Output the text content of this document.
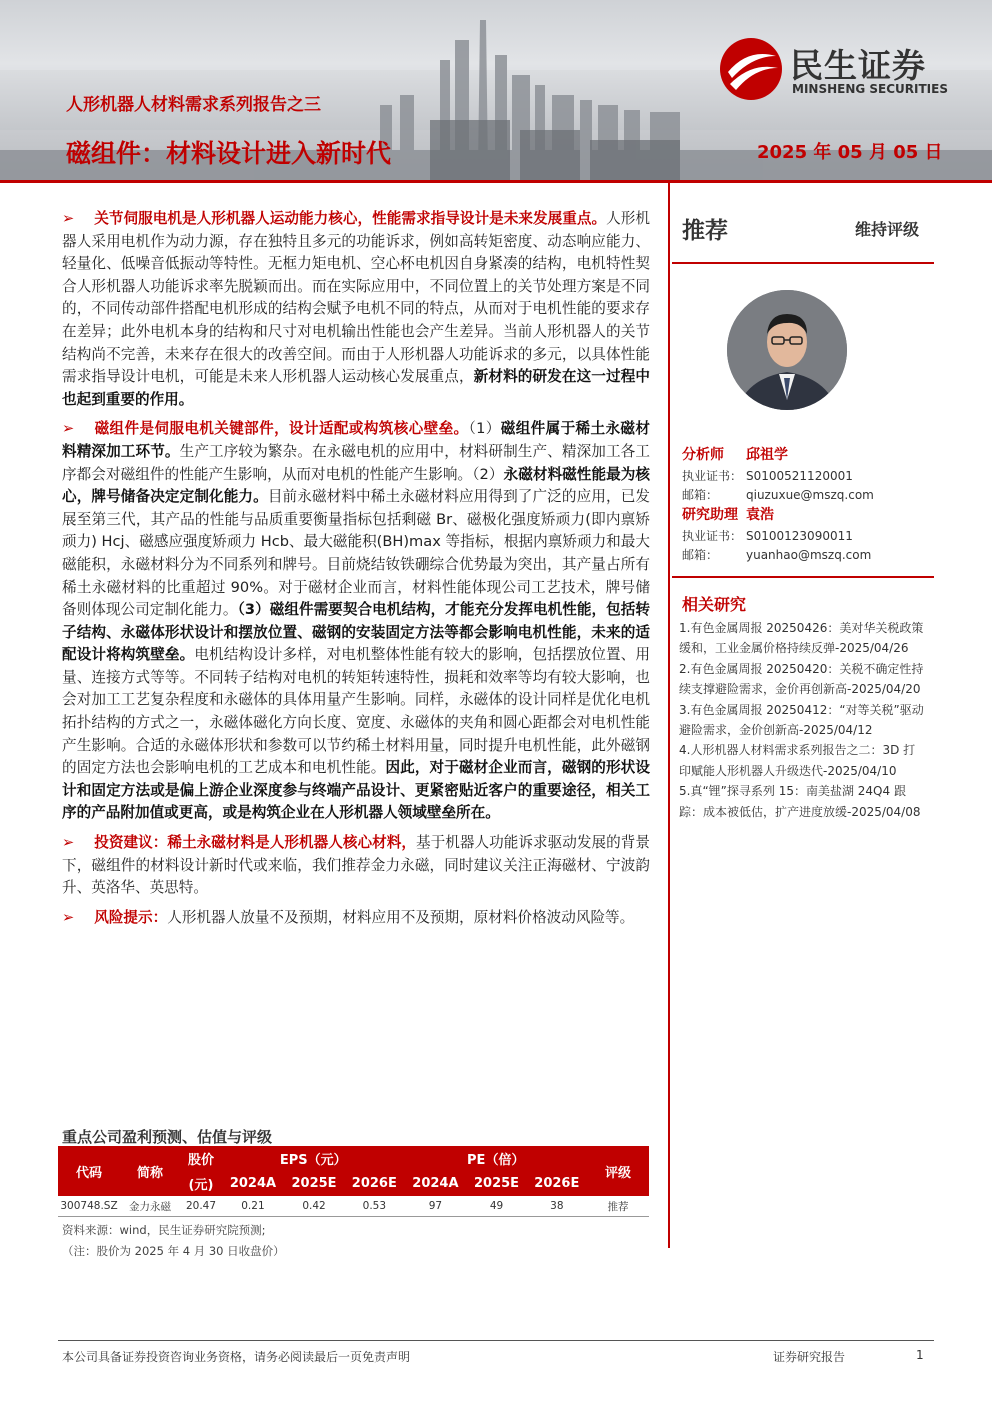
人形机器人材料需求系列报告之三
磁组件：材料设计进入新时代	2025 年 05 月 05 日
民生证券
MINSHENG SECURITIES

➢ 关节伺服电机是人形机器人运动能力核心，性能需求指导设计是未来发展重点。人形机器人采用电机作为动力源，存在独特且多元的功能诉求，例如高转矩密度、动态响应能力、轻量化、低噪音低振动等特性。无框力矩电机、空心杯电机因自身紧凑的结构，电机特性契合人形机器人功能诉求率先脱颖而出。而在实际应用中，不同位置上的关节处理方案是不同的，不同传动部件搭配电机形成的结构会赋予电机不同的特点，从而对于电机性能的要求存在差异；此外电机本身的结构和尺寸对电机输出性能也会产生差异。当前人形机器人的关节结构尚不完善，未来存在很大的改善空间。而由于人形机器人功能诉求的多元，以具体性能需求指导设计电机，可能是未来人形机器人运动核心发展重点，新材料的研发在这一过程中也起到重要的作用。

➢ 磁组件是伺服电机关键部件，设计适配或构筑核心壁垒。（1）磁组件属于稀土永磁材料精深加工环节。生产工序较为繁杂。在永磁电机的应用中，材料研制生产、精深加工各工序都会对磁组件的性能产生影响，从而对电机的性能产生影响。（2）永磁材料磁性能最为核心，牌号储备决定定制化能力。目前永磁材料中稀土永磁材料应用得到了广泛的应用，已发展至第三代，其产品的性能与品质重要衡量指标包括剩磁 Br、磁极化强度矫顽力(即内禀矫顽力) Hcj、磁感应强度矫顽力 Hcb、最大磁能积(BH)max 等指标，根据内禀矫顽力和最大磁能积，永磁材料分为不同系列和牌号。目前烧结钕铁硼综合优势最为突出，其产量占所有稀土永磁材料的比重超过 90%。对于磁材企业而言，材料性能体现公司工艺技术，牌号储备则体现公司定制化能力。（3）磁组件需要契合电机结构，才能充分发挥电机性能，包括转子结构、永磁体形状设计和摆放位置、磁钢的安装固定方法等都会影响电机性能，未来的适配设计将构筑壁垒。电机结构设计多样，对电机整体性能有较大的影响，包括摆放位置、用量、连接方式等等。不同转子结构对电机的转矩转速特性，损耗和效率等均有较大影响，也会对加工工艺复杂程度和永磁体的具体用量产生影响。同样，永磁体的设计同样是优化电机拓扑结构的方式之一，永磁体磁化方向长度、宽度、永磁体的夹角和圆心距都会对电机性能产生影响。合适的永磁体形状和参数可以节约稀土材料用量，同时提升电机性能，此外磁钢的固定方法也会影响电机的工艺成本和电机性能。因此，对于磁材企业而言，磁钢的形状设计和固定方法或是偏上游企业深度参与终端产品设计、更紧密贴近客户的重要途径，相关工序的产品附加值或更高，或是构筑企业在人形机器人领域壁垒所在。

➢ 投资建议：稀土永磁材料是人形机器人核心材料，基于机器人功能诉求驱动发展的背景下，磁组件的材料设计新时代或来临，我们推荐金力永磁，同时建议关注正海磁材、宁波韵升、英洛华、英思特。

➢ 风险提示：人形机器人放量不及预期，材料应用不及预期，原材料价格波动风险等。

推荐	维持评级
分析师 邱祖学
执业证书： S0100521120001
邮箱： qiuzuxue@mszq.com
研究助理 袁浩
执业证书： S0100123090011
邮箱： yuanhao@mszq.com
相关研究
1.有色金属周报 20250426：美对华关税政策缓和，工业金属价格持续反弹-2025/04/26
2.有色金属周报 20250420：关税不确定性持续支撑避险需求，金价再创新高-2025/04/20
3.有色金属周报 20250412：“对等关税”驱动避险需求，金价创新高-2025/04/12
4.人形机器人材料需求系列报告之二：3D 打印赋能人形机器人升级迭代-2025/04/10
5.真“锂”探寻系列 15：南美盐湖 24Q4 跟踪：成本被低估，扩产进度放缓-2025/04/08
重点公司盈利预测、估值与评级
代码	简称	股价	EPS（元）			PE（倍）			评级
		(元)	2024A	2025E	2026E	2024A	2025E	2026E	
300748.SZ	金力永磁	20.47	0.21	0.42	0.53	97	49	38	推荐
资料来源：wind，民生证券研究院预测;
（注：股价为 2025 年 4 月 30 日收盘价）
本公司具备证券投资咨询业务资格，请务必阅读最后一页免责声明	证券研究报告	1
